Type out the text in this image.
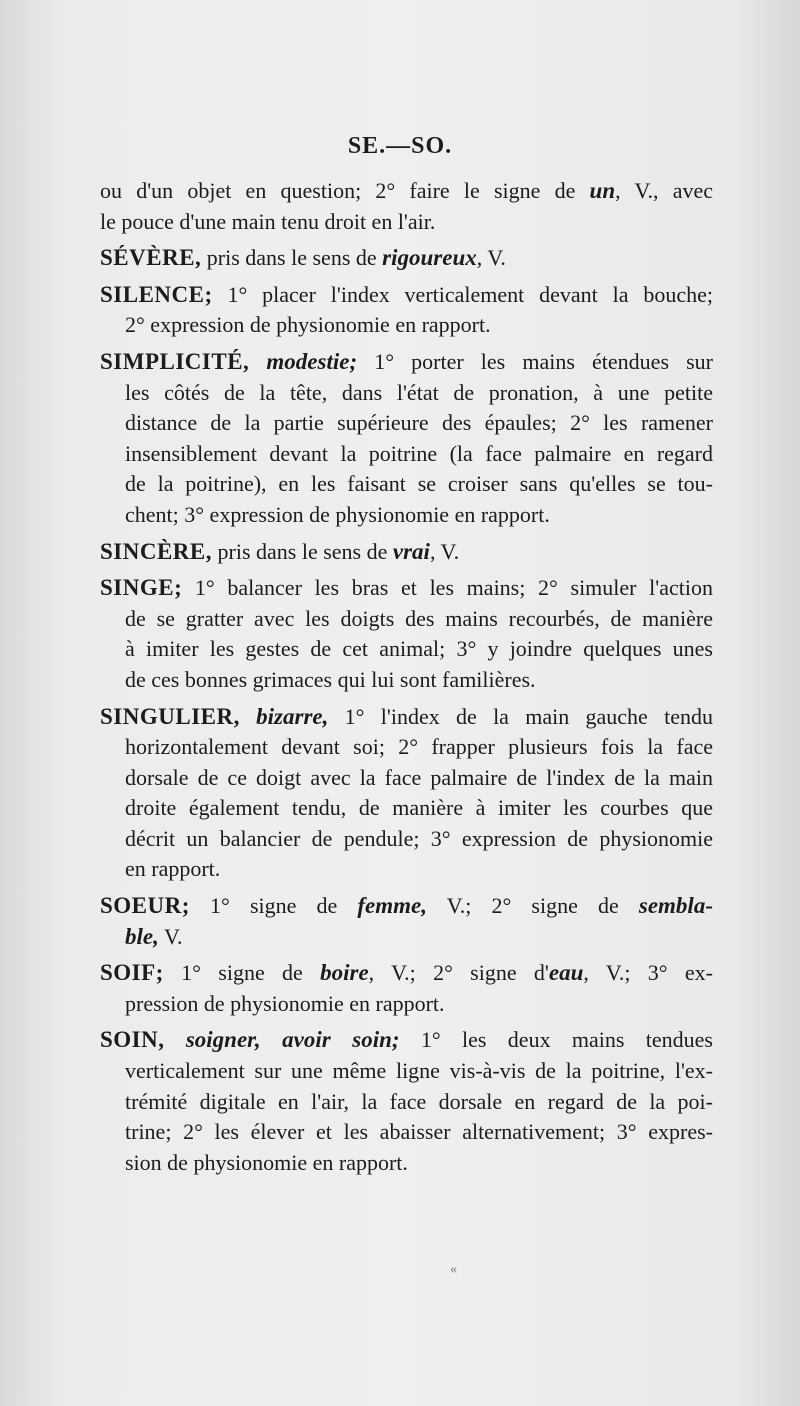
SE.—SO.
ou d'un objet en question; 2° faire le signe de un, V., avec
le pouce d'une main tenu droit en l'air.
SÉVÈRE, pris dans le sens de rigoureux, V.
SILENCE; 1° placer l'index verticalement devant la bouche;
2° expression de physionomie en rapport.
SIMPLICITÉ, modestie; 1° porter les mains étendues sur
les côtés de la tête, dans l'état de pronation, à une petite
distance de la partie supérieure des épaules; 2° les ramener
insensiblement devant la poitrine (la face palmaire en regard
de la poitrine), en les faisant se croiser sans qu'elles se tou-
chent; 3° expression de physionomie en rapport.
SINCÈRE, pris dans le sens de vrai, V.
SINGE; 1° balancer les bras et les mains; 2° simuler l'action
de se gratter avec les doigts des mains recourbés, de manière
à imiter les gestes de cet animal; 3° y joindre quelques unes
de ces bonnes grimaces qui lui sont familières.
SINGULIER, bizarre, 1° l'index de la main gauche tendu
horizontalement devant soi; 2° frapper plusieurs fois la face
dorsale de ce doigt avec la face palmaire de l'index de la main
droite également tendu, de manière à imiter les courbes que
décrit un balancier de pendule; 3° expression de physionomie
en rapport.
SOEUR; 1° signe de femme, V.; 2° signe de sembla-
ble, V.
SOIF; 1° signe de boire, V.; 2° signe d'eau, V.; 3° ex-
pression de physionomie en rapport.
SOIN, soigner, avoir soin; 1° les deux mains tendues
verticalement sur une même ligne vis-à-vis de la poitrine, l'ex-
trémité digitale en l'air, la face dorsale en regard de la poi-
trine; 2° les élever et les abaisser alternativement; 3° expres-
sion de physionomie en rapport.
«
